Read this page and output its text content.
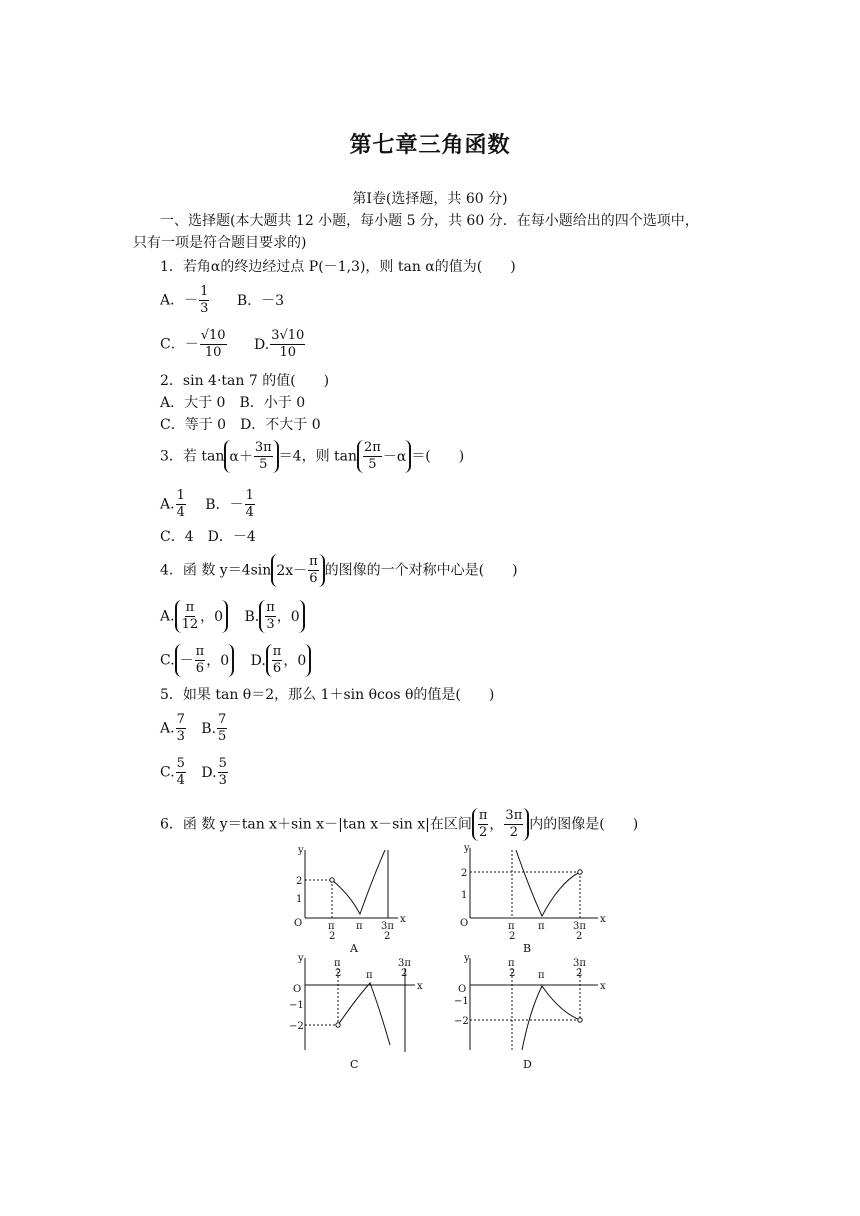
第七章三角函数
第Ⅰ卷(选择题，共 60 分)
一、选择题(本大题共 12 小题，每小题 5 分，共 60 分．在每小题给出的四个选项中，
只有一项是符合题目要求的)
1．若角α的终边经过点 P(－1,3)，则 tan α的值为(　　)
A．－ $\frac{1}{3}$ B．－3
C．－ $\frac{√10}{10} D$. $\frac{3√10}{10}$
2．sin 4·tan 7 的值(　　)
A．大于 0　B．小于 0
C．等于 0　D．不大于 0
3．若 $\tan \alpha+ \frac{3\pi}{5} =4$，则 $\tan \frac{2\pi}{5} -\alpha$ ＝(　　)
A. $\frac{1}{4}$ B．－ $\frac{1}{4}$
C．4　D．－4
4．函 数 y＝4sin $2x- \frac{\pi}{6}$ 的图像的一个对称中心是(　　)
A. $\frac{\pi}{12}$ ，0 B. $\frac{\pi}{3}$ ，0
C. － $\frac{\pi}{6}$ ，0 D. $\frac{\pi}{6}$ ，0
5．如果 tan θ＝2，那么 1＋sin θcos θ的值是(　　)
A. $\frac{7}{3} B$. $\frac{7}{5}$
C. $\frac{5}{4} D$. $\frac{5}{3}$
6．函 数 y＝tan x＋sin x－|tan x－sin x|在区间 $\frac{\pi}{2}$ ， $\frac{3\pi}{2}$ 内的图像是(　　)
y
x
O
2
1
π
2
π 3π
2
y
x
O
2
1
π
2
π	3π
2
y
x
O
−1
−2
π
2 π
3π
2
y
x
O
−1
−2
π
2 π
3π
2
A	B
C	D
